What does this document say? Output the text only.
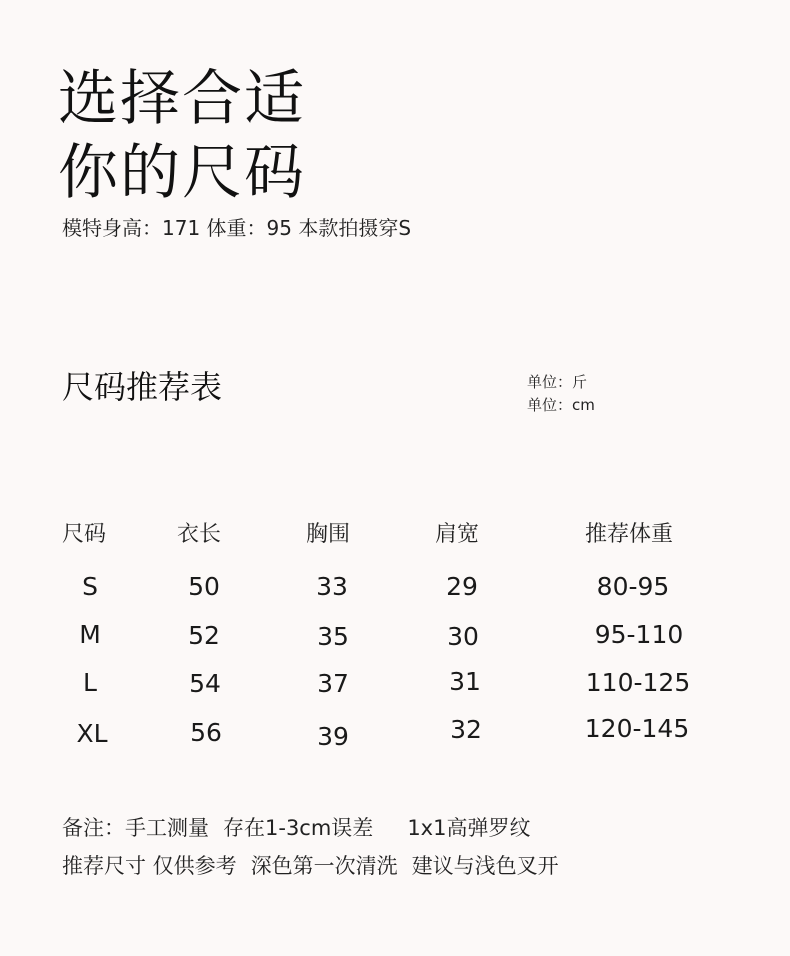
选择合适
你的尺码
模特身高：171 体重：95 本款拍摄穿S
尺码推荐表	单位：斤
单位：cm
尺码	衣长	胸围	肩宽	推荐体重
S	50	33	29	80-95
M	52	35	30	95-110
L	54	37	31	110-125
XL	56	39	32	120-145
备注：手工测量 存在1-3cm误差 1x1高弹罗纹
推荐尺寸 仅供参考 深色第一次清洗 建议与浅色叉开
